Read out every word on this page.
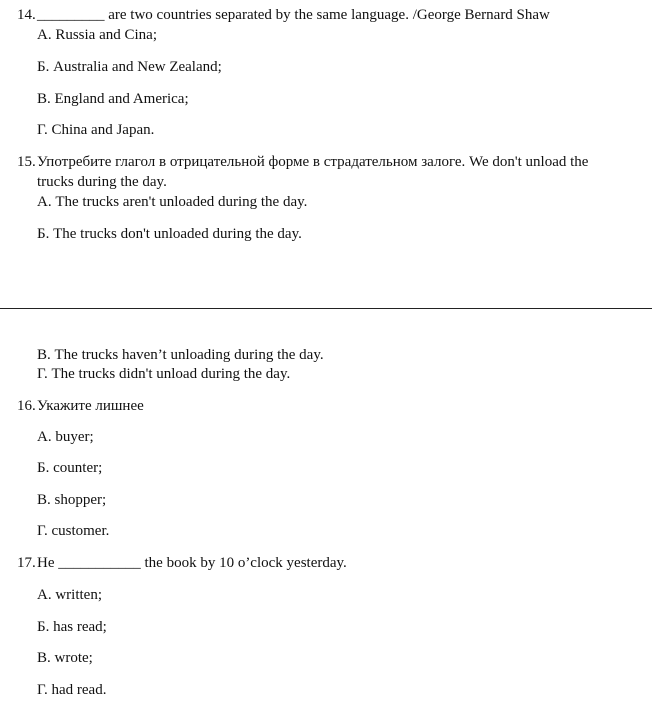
14. _________ are two countries separated by the same language. /George Bernard Shaw
А. Russia and Cina;
Б. Australia and New Zealand;
В. England and America;
Г. China and Japan.
15. Употребите глагол в отрицательной форме в страдательном залоге. We don't unload the
trucks during the day.
А. The trucks aren't unloaded during the day.
Б. The trucks don't unloaded during the day.
В. The trucks haven’t unloading during the day.
Г. The trucks didn't unload during the day.
16. Укажите лишнее
А. buyer;
Б. counter;
В. shopper;
Г. customer.
17. He ___________ the book by 10 o’clock yesterday.
А. written;
Б. has read;
В. wrote;
Г. had read.
